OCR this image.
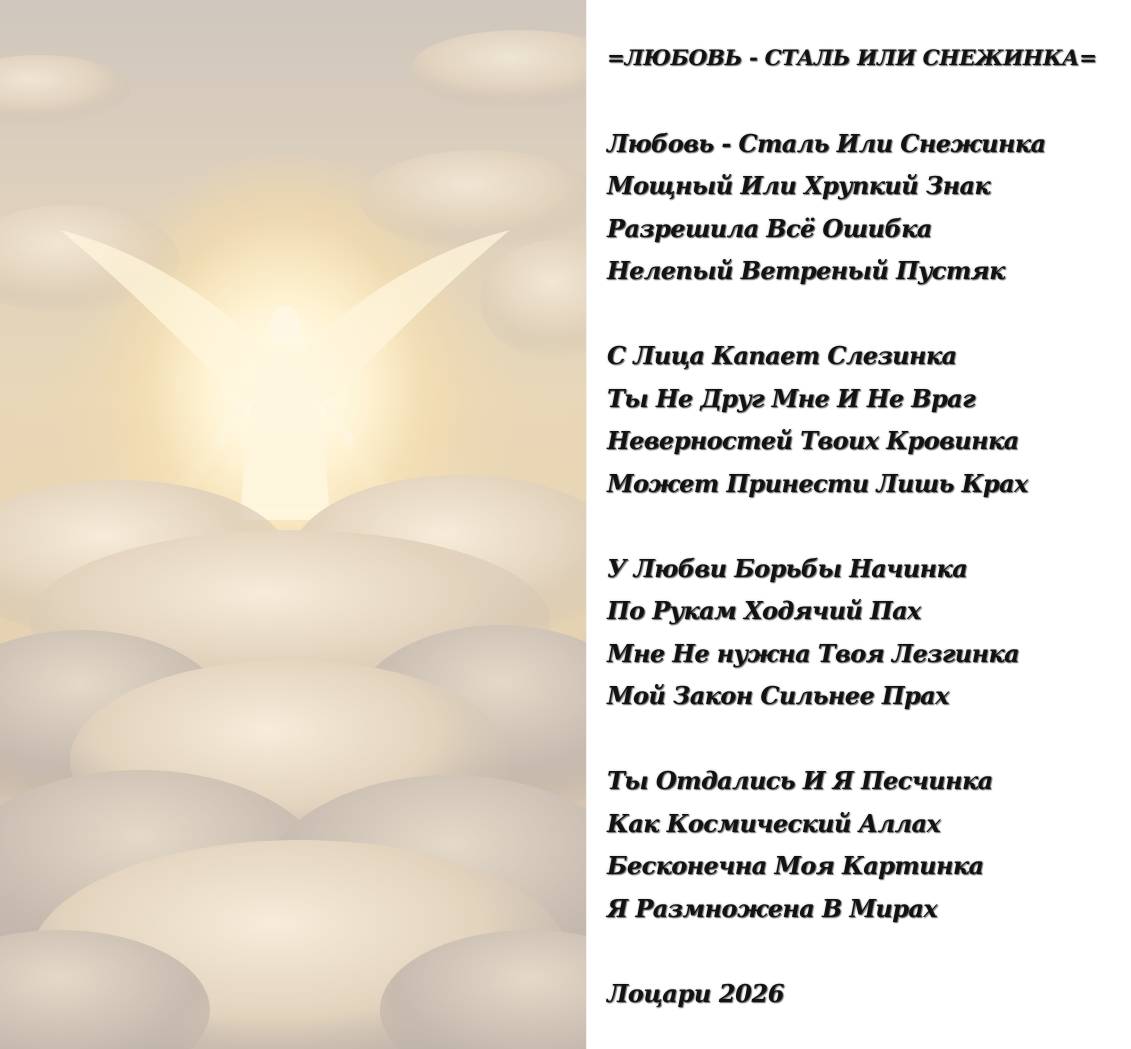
=ЛЮБОВЬ - СТАЛЬ ИЛИ СНЕЖИНКА=
Любовь - Сталь Или Снежинка
Мощный Или Хрупкий Знак
Разрешила Всё Ошибка
Нелепый Ветреный Пустяк
С Лица Капает Слезинка
Ты Не Друг Мне И Не Враг
Неверностей Твоих Кровинка
Может Принести Лишь Крах
У Любви Борьбы Начинка
По Рукам Ходячий Пах
Мне Не нужна Твоя Лезгинка
Мой Закон Сильнее Прах
Ты Отдались И Я Песчинка
Как Космический Аллах
Бесконечна Моя Картинка
Я Размножена В Мирах
Лоцари 2026
